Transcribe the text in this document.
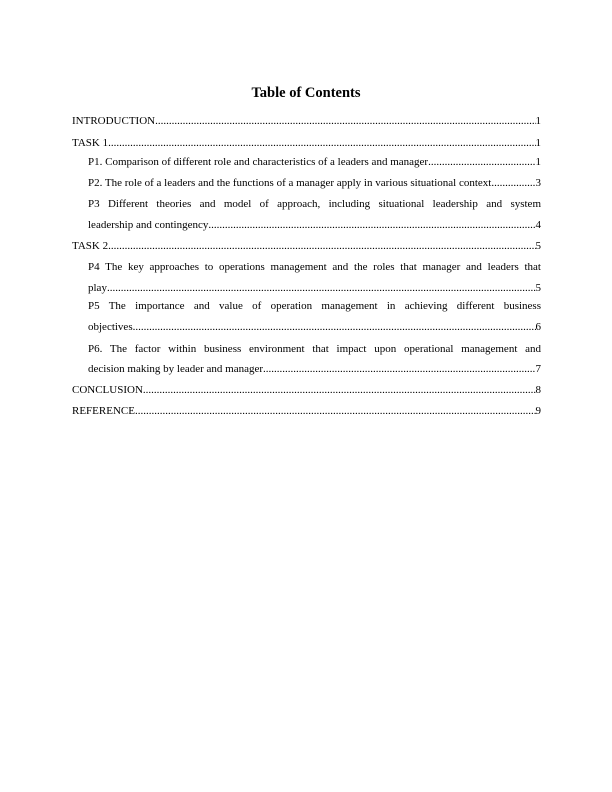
Table of Contents
INTRODUCTION .....	1
TASK 1 .....	1
P1. Comparison of different role and characteristics of a leaders and manager .....	1
P2. The role of a leaders and the functions of a manager apply in various situational context .....	3
P3 Different theories and model of approach, including situational leadership and system
leadership and contingency .....	4
TASK 2 .....	5
P4 The key approaches to operations management and the roles that manager and leaders that
play .....	5
P5 The importance and value of operation management in achieving different business
objectives .....	6
P6. The factor within business environment that impact upon operational management and
decision making by leader and manager .....	7
CONCLUSION .....	8
REFERENCE .....	9
